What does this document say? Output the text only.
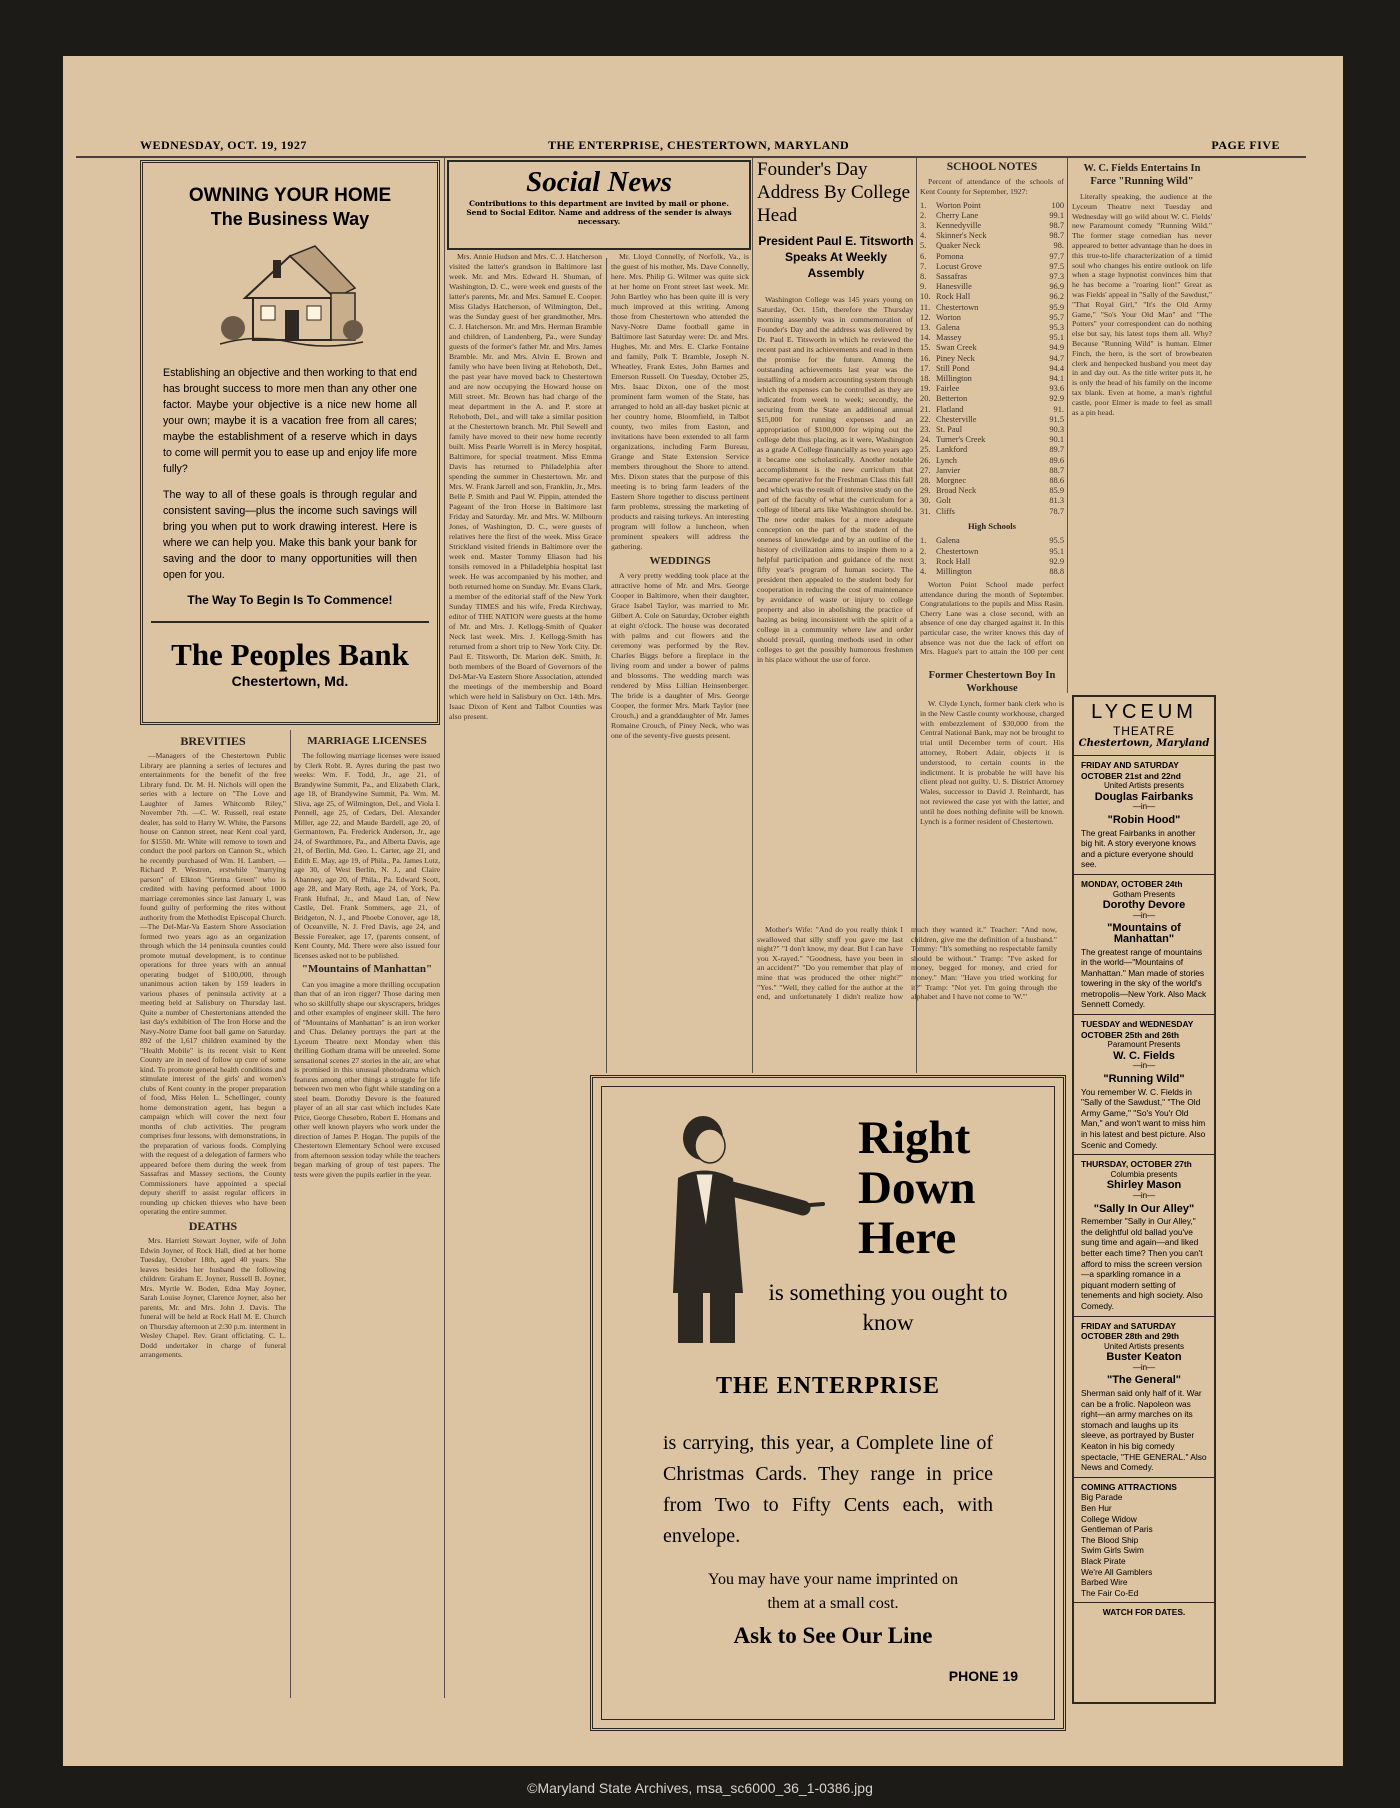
WEDNESDAY, OCT. 19, 1927	THE ENTERPRISE, CHESTERTOWN, MARYLAND	PAGE FIVE
OWNING YOUR HOME
The Business Way
Establishing an objective and then working to that end has brought success to more men than any other one factor. Maybe your objective is a nice new home all your own; maybe it is a vacation free from all cares; maybe the establishment of a reserve which in days to come will permit you to ease up and enjoy life more fully?
The way to all of these goals is through regular and consistent saving—plus the income such savings will bring you when put to work drawing interest. Here is where we can help you. Make this bank your bank for saving and the door to many opportunities will then open for you.
The Way To Begin Is To Commence!
The Peoples Bank
Chestertown, Md.
BREVITIES

—Managers of the Chestertown Public Library are planning a series of lectures and entertainments for the benefit of the free Library fund. Dr. M. H. Nichols will open the series with a lecture on "The Love and Laughter of James Whitcomb Riley," November 7th. —C. W. Russell, real estate dealer, has sold to Harry W. White, the Parsons house on Cannon street, near Kent coal yard, for $1550. Mr. White will remove to town and conduct the pool parlors on Cannon St., which he recently purchased of Wm. H. Lambert. —Richard P. Westren, erstwhile "marrying parson" of Elkton "Gretna Green" who is credited with having performed about 1000 marriage ceremonies since last January 1, was found guilty of performing the rites without authority from the Methodist Episcopal Church. —The Del-Mar-Va Eastern Shore Association formed two years ago as an organization through which the 14 peninsula counties could promote mutual development, is to continue operations for three years with an annual operating budget of $100,000, through unanimous action taken by 159 leaders in various phases of peninsula activity at a meeting held at Salisbury on Thursday last. Quite a number of Chestertonians attended the last day's exhibition of The Iron Horse and the Navy-Notre Dame foot ball game on Saturday. 892 of the 1,617 children examined by the "Health Mobile" is its recent visit to Kent County are in need of follow up cure of some kind. To promote general health conditions and stimulate interest of the girls' and women's clubs of Kent county in the proper preparation of food, Miss Helen L. Schellinger, county home demonstration agent, has begun a campaign which will cover the next four months of club activities. The program comprises four lessons, with demonstrations, in the preparation of various foods. Complying with the request of a delegation of farmers who appeared before them during the week from Sassafras and Massey sections, the County Commissioners have appointed a special deputy sheriff to assist regular officers in rounding up chicken thieves who have been operating the entire summer.

DEATHS

Mrs. Harriett Stewart Joyner, wife of John Edwin Joyner, of Rock Hall, died at her home Tuesday, October 18th, aged 40 years. She leaves besides her husband the following children: Graham E. Joyner, Russell B. Joyner, Mrs. Myrtle W. Boden, Edna May Joyner, Sarah Louise Joyner, Clarence Joyner, also her parents, Mr. and Mrs. John J. Davis. The funeral will be held at Rock Hall M. E. Church on Thursday afternoon at 2:30 p.m. interment in Wesley Chapel. Rev. Grant officiating. C. L. Dodd undertaker in charge of funeral arrangements.

MARRIAGE LICENSES

The following marriage licenses were issued by Clerk Robt. R. Ayres during the past two weeks: Wm. F. Todd, Jr., age 21, of Brandywine Summit, Pa., and Elizabeth Clark, age 18, of Brandywine Summit, Pa. Wm. M. Sliva, age 25, of Wilmington, Del., and Viola I. Pennell, age 25, of Cedars, Del. Alexander Miller, age 22, and Maude Bardell, age 20, of Germantown, Pa. Frederick Anderson, Jr., age 24, of Swarthmore, Pa., and Alberta Davis, age 21, of Berlin, Md. Geo. L. Carter, age 21, and Edith E. May, age 19, of Phila., Pa. James Lutz, age 30, of West Berlin, N. J., and Claire Abanney, age 20, of Phila., Pa. Edward Scott, age 28, and Mary Reth, age 24, of York, Pa. Frank Hufnal, Jr., and Maud Lan, of New Castle, Del. Frank Sommers, age 21, of Bridgeton, N. J., and Phoebe Conover, age 18, of Oceanville, N. J. Fred Davis, age 24, and Bessie Foreaker, age 17, (parents consent, of Kent County, Md. There were also issued four licenses asked not to be published.

"Mountains of Manhattan"

Can you imagine a more thrilling occupation than that of an iron rigger? Those daring men who so skillfully shape our skyscrapers, bridges and other examples of engineer skill. The hero of "Mountains of Manhattan" is an iron worker and Chas. Delaney portrays the part at the Lyceum Theatre next Monday when this thrilling Gotham drama will be unreeled. Some sensational scenes 27 stories in the air, are what is promised in this unusual photodrama which features among other things a struggle for life between two men who fight while standing on a steel beam. Dorothy Devore is the featured player of an all star cast which includes Kate Price, George Chesebro, Robert E. Homans and other well known players who work under the direction of James P. Hogan. The pupils of the Chestertown Elementary School were excused from afternoon session today while the teachers began marking of group of test papers. The tests were given the pupils earlier in the year.

Social News
Contributions to this department are invited by mail or phone. Send to Social Editor. Name and address of the sender is always necessary.

Mrs. Annie Hudson and Mrs. C. J. Hatcherson visited the latter's grandson in Baltimore last week. Mr. and Mrs. Edward H. Shuman, of Washington, D. C., were week end guests of the latter's parents, Mr. and Mrs. Samuel E. Cooper. Miss Gladys Hatcherson, of Wilmington, Del., was the Sunday guest of her grandmother, Mrs. C. J. Hatcherson. Mr. and Mrs. Herman Bramble and children, of Landenberg, Pa., were Sunday guests of the former's father Mr. and Mrs. James Bramble. Mr. and Mrs. Alvin E. Brown and family who have been living at Rehoboth, Del., the past year have moved back to Chestertown and are now occupying the Howard house on Mill street. Mr. Brown has had charge of the meat department in the A. and P. store at Rehoboth, Del., and will take a similar position at the Chestertown branch. Mr. Phil Sewell and family have moved to their new home recently built. Miss Pearle Worrell is in Mercy hospital, Baltimore, for special treatment. Miss Emma Davis has returned to Philadelphia after spending the summer in Chestertown. Mr. and Mrs. W. Frank Jarrell and son, Franklin, Jr., Mrs. Belle P. Smith and Paul W. Pippin, attended the Pageant of the Iron Horse in Baltimore last Friday and Saturday. Mr. and Mrs. W. Milbourn Jones, of Washington, D. C., were guests of relatives here the first of the week. Miss Grace Strickland visited friends in Baltimore over the week end. Master Tommy Eliason had his tonsils removed in a Philadelphia hospital last week. He was accompanied by his mother, and both returned home on Sunday. Mr. Evans Clark, a member of the editorial staff of the New York Sunday TIMES and his wife, Freda Kirchway, editor of THE NATION were guests at the home of Mr. and Mrs. J. Kellogg-Smith of Quaker Neck last week. Mrs. J. Kellogg-Smith has returned from a short trip to New York City. Dr. Paul E. Titsworth, Dr. Marion deK. Smith, Jr. both members of the Board of Governors of the Del-Mar-Va Eastern Shore Association, attended the meetings of the membership and Board which were held in Salisbury on Oct. 14th. Mrs. Isaac Dixon of Kent and Talbot Counties was also present.

Mr. Lloyd Connelly, of Norfolk, Va., is the guest of his mother, Ms. Dave Connelly, here. Mrs. Philip G. Wilmer was quite sick at her home on Front street last week. Mr. John Bartley who has been quite ill is very much improved at this writing. Among those from Chestertown who attended the Navy-Notre Dame football game in Baltimore last Saturday were: Dr. and Mrs. Hughes, Mr. and Mrs. E. Clarke Fontaine and family, Polk T. Bramble, Joseph N. Wheatley, Frank Estes, John Barnes and Emerson Russell. On Tuesday, October 25, Mrs. Isaac Dixon, one of the most prominent farm women of the State, has arranged to hold an all-day basket picnic at her country home, Bloomfield, in Talbot county, two miles from Easton, and invitations have been extended to all farm organizations, including Farm Bureau, Grange and State Extension Service members throughout the Shore to attend. Mrs. Dixon states that the purpose of this meeting is to bring farm leaders of the Eastern Shore together to discuss pertinent farm problems, stressing the marketing of products and raising turkeys. An interesting program will follow a luncheon, when prominent speakers will address the gathering.

WEDDINGS

A very pretty wedding took place at the attractive home of Mr. and Mrs. George Cooper in Baltimore, when their daughter, Grace Isabel Taylor, was married to Mr. Gilbert A. Cole on Saturday, October eighth at eight o'clock. The house was decorated with palms and cut flowers and the ceremony was performed by the Rev. Charles Biggs before a fireplace in the living room and under a bower of palms and blossoms. The wedding march was rendered by Miss Lillian Heinsenberger. The bride is a daughter of Mrs. George Cooper, the former Mrs. Mark Taylor (nee Crouch,) and a granddaughter of Mr. James Romaine Crouch, of Piney Neck, who was one of the seventy-five guests present.

Founder's Day Address By College Head
President Paul E. Titsworth Speaks At Weekly Assembly

Washington College was 145 years young on Saturday, Oct. 15th, therefore the Thursday morning assembly was in commemoration of Founder's Day and the address was delivered by Dr. Paul E. Titsworth in which he reviewed the recent past and its achievements and read in them the promise for the future. Among the outstanding achievements last year was the installing of a modern accounting system through which the expenses can be controlled as they are indicated from week to week; secondly, the securing from the State an additional annual $15,000 for running expenses and an appropriation of $100,000 for wiping out the college debt thus placing, as it were, Washington as a grade A College financially as two years ago it became one scholastically. Another notable accomplishment is the new curriculum that became operative for the Freshman Class this fall and which was the result of intensive study on the part of the faculty of what the curriculum for a college of liberal arts like Washington should be. The new order makes for a more adequate conception on the part of the student of the oneness of knowledge and by an outline of the history of civilization aims to inspire them to a helpful participation and guidance of the next fifty year's program of human society. The president then appealed to the student body for cooperation in reducing the cost of maintenance by avoidance of waste or injury to college property and also in abolishing the practice of hazing as being inconsistent with the spirit of a college in a community where law and order should prevail, quoting methods used in other colleges to get the possibly humorous freshmen in his place without the use of force.

SCHOOL NOTES

Percent of attendance of the schools of Kent County for September, 1927:

1.	Worton Point	100
2.	Cherry Lane	99.1
3.	Kennedyville	98.7
4.	Skinner's Neck	98.7
5.	Quaker Neck	98.
6.	Pomona	97.7
7.	Locust Grove	97.5
8.	Sassafras	97.3
9.	Hanesville	96.9
10.	Rock Hall	96.2
11.	Chestertown	95.9
12.	Worton	95.7
13.	Galena	95.3
14.	Massey	95.1
15.	Swan Creek	94.9
16.	Piney Neck	94.7
17.	Still Pond	94.4
18.	Millington	94.1
19.	Fairlee	93.6
20.	Betterton	92.9
21.	Flatland	91.
22.	Chesterville	91.5
23.	St. Paul	90.3
24.	Turner's Creek	90.1
25.	Lankford	89.7
26.	Lynch	89.6
27.	Janvier	88.7
28.	Morgnec	88.6
29.	Broad Neck	85.9
30.	Golt	81.3
31.	Cliffs	78.7
High Schools
1.	Galena	95.5
2.	Chestertown	95.1
3.	Rock Hall	92.9
4.	Millington	88.8

Worton Point School made perfect attendance during the month of September. Congratulations to the pupils and Miss Rasin. Cherry Lane was a close second, with an absence of one day charged against it. In this particular case, the writer knows this day of absence was not due the lack of effort on Mrs. Hague's part to attain the 100 per cent

Former Chestertown Boy In Workhouse

W. Clyde Lynch, former bank clerk who is in the New Castle county workhouse, charged with embezzlement of $30,000 from the Central National Bank, may not be brought to trial until December term of court. His attorney, Robert Adair, objects it is understood, to certain counts in the indictment. It is probable he will have his client plead not guilty. U. S. District Attorney Wales, successor to David J. Reinhardt, has not reviewed the case yet with the latter, and until he does nothing definite will be known. Lynch is a former resident of Chestertown.

Mother's Wife: "And do you really think I swallowed that silly stuff you gave me last night?" "I don't know, my dear. But I can have you X-rayed." "Goodness, have you been in an accident?" "Do you remember that play of mine that was produced the other night?" "Yes." "Well, they called for the author at the end, and unfortunately I didn't realize how much they wanted it." Teacher: "And now, children, give me the definition of a husband." Tommy: "It's something no respectable family should be without." Tramp: "I've asked for money, begged for money, and cried for money." Man: "Have you tried working for it?" Tramp: "Not yet. I'm going through the alphabet and I have not come to 'W.'"

W. C. Fields Entertains In Farce "Running Wild"

Literally speaking, the audience at the Lyceum Theatre next Tuesday and Wednesday will go wild about W. C. Fields' new Paramount comedy "Running Wild." The former stage comedian has never appeared to better advantage than he does in this true-to-life characterization of a timid soul who changes his entire outlook on life when a stage hypnotist convinces him that he has become a "roaring lion!" Great as was Fields' appeal in "Sally of the Sawdust," "That Royal Girl," "It's the Old Army Game," "So's Your Old Man" and "The Potters" your correspondent can do nothing else but say, his latest tops them all. Why? Because "Running Wild" is human. Elmer Finch, the hero, is the sort of browbeaten clerk and henpecked husband you meet day in and day out. As the title writer puts it, he is only the head of his family on the income tax blank. Even at home, a man's rightful castle, poor Elmer is made to feel as small as a pin head.

Right
Down
Here
is something you ought to know
THE ENTERPRISE
is carrying, this year, a Complete line of Christmas Cards. They range in price from Two to Fifty Cents each, with envelope.
You may have your name imprinted on them at a small cost.
Ask to See Our Line
PHONE 19
LYCEUM
THEATRE
Chestertown, Maryland
FRIDAY AND SATURDAY OCTOBER 21st and 22nd
United Artists presents
Douglas Fairbanks
—in—
"Robin Hood"
The great Fairbanks in another big hit. A story everyone knows and a picture everyone should see.
MONDAY, OCTOBER 24th
Gotham Presents
Dorothy Devore
—in—
"Mountains of Manhattan"
The greatest range of mountains in the world—"Mountains of Manhattan." Man made of stories towering in the sky of the world's metropolis—New York. Also Mack Sennett Comedy.
TUESDAY and WEDNESDAY OCTOBER 25th and 26th
Paramount Presents
W. C. Fields
—in—
"Running Wild"
You remember W. C. Fields in "Sally of the Sawdust," "The Old Army Game," "So's You'r Old Man," and won't want to miss him in his latest and best picture. Also Scenic and Comedy.
THURSDAY, OCTOBER 27th
Columbia presents
Shirley Mason
—in—
"Sally In Our Alley"
Remember "Sally in Our Alley," the delightful old ballad you've sung time and again—and liked better each time? Then you can't afford to miss the screen version—a sparkling romance in a piquant modern setting of tenements and high society. Also Comedy.
FRIDAY and SATURDAY OCTOBER 28th and 29th
United Artists presents
Buster Keaton
—in—
"The General"
Sherman said only half of it. War can be a frolic. Napoleon was right—an army marches on its stomach and laughs up its sleeve, as portrayed by Buster Keaton in his big comedy spectacle, "THE GENERAL." Also News and Comedy.
COMING ATTRACTIONS
Big Parade
Ben Hur
College Widow
Gentleman of Paris
The Blood Ship
Swim Girls Swim
Black Pirate
We're All Gamblers
Barbed Wire
The Fair Co-Ed
WATCH FOR DATES.
©Maryland State Archives, msa_sc6000_36_1-0386.jpg
